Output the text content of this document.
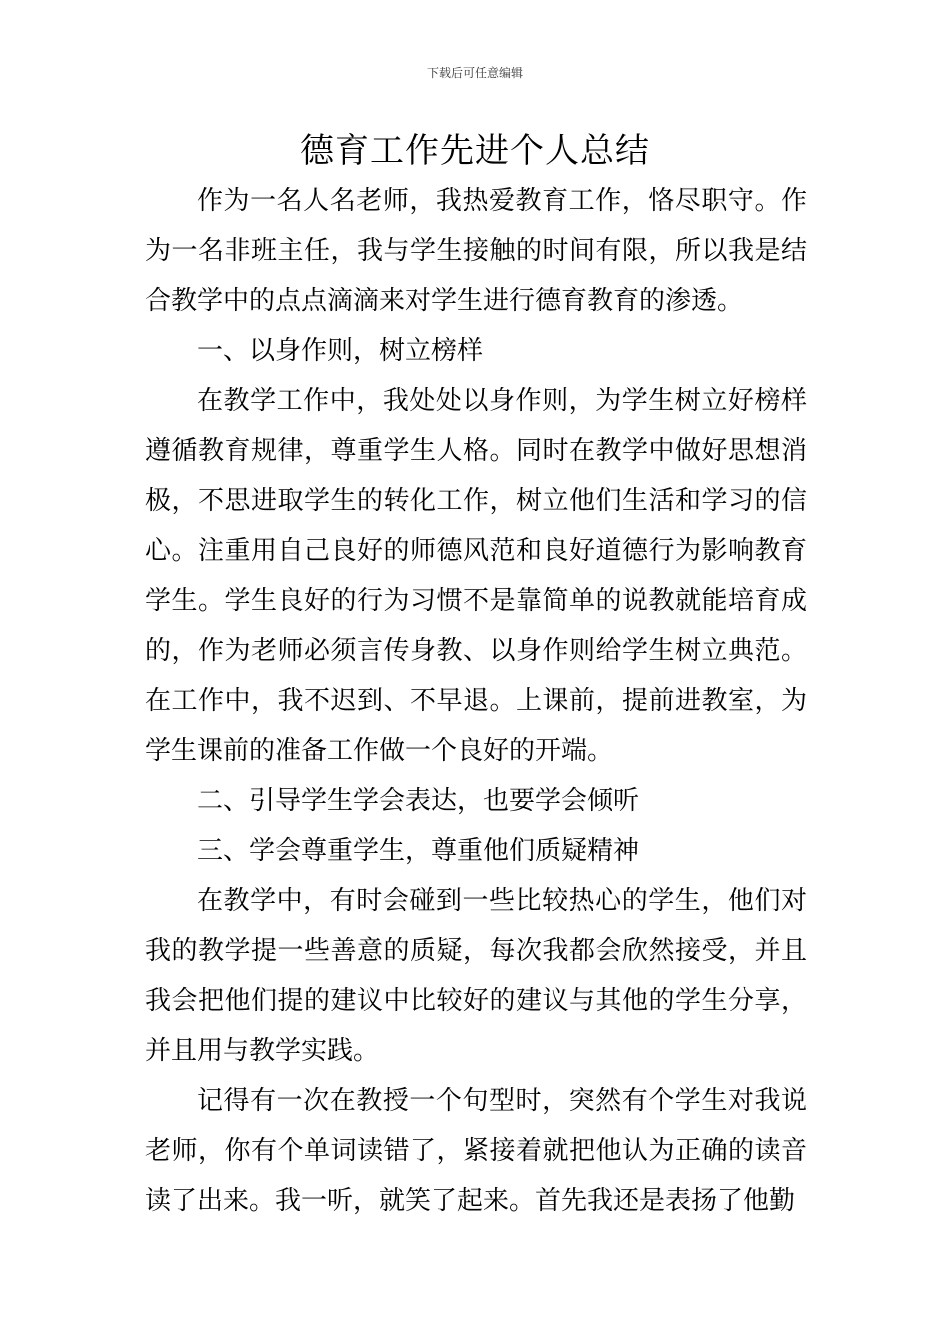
下载后可任意编辑
德育工作先进个人总结

作为一名人名老师，我热爱教育工作，恪尽职守。作为一名非班主任，我与学生接触的时间有限，所以我是结合教学中的点点滴滴来对学生进行德育教育的渗透。

一、以身作则，树立榜样

在教学工作中，我处处以身作则，为学生树立好榜样遵循教育规律，尊重学生人格。同时在教学中做好思想消极，不思进取学生的转化工作，树立他们生活和学习的信心。注重用自己良好的师德风范和良好道德行为影响教育学生。学生良好的行为习惯不是靠简单的说教就能培育成的，作为老师必须言传身教、以身作则给学生树立典范。在工作中，我不迟到、不早退。上课前，提前进教室，为学生课前的准备工作做一个良好的开端。

二、引导学生学会表达，也要学会倾听

三、学会尊重学生，尊重他们质疑精神

在教学中，有时会碰到一些比较热心的学生，他们对我的教学提一些善意的质疑，每次我都会欣然接受，并且我会把他们提的建议中比较好的建议与其他的学生分享，并且用与教学实践。

记得有一次在教授一个句型时，突然有个学生对我说老师，你有个单词读错了，紧接着就把他认为正确的读音读了出来。我一听，就笑了起来。首先我还是表扬了他勤
